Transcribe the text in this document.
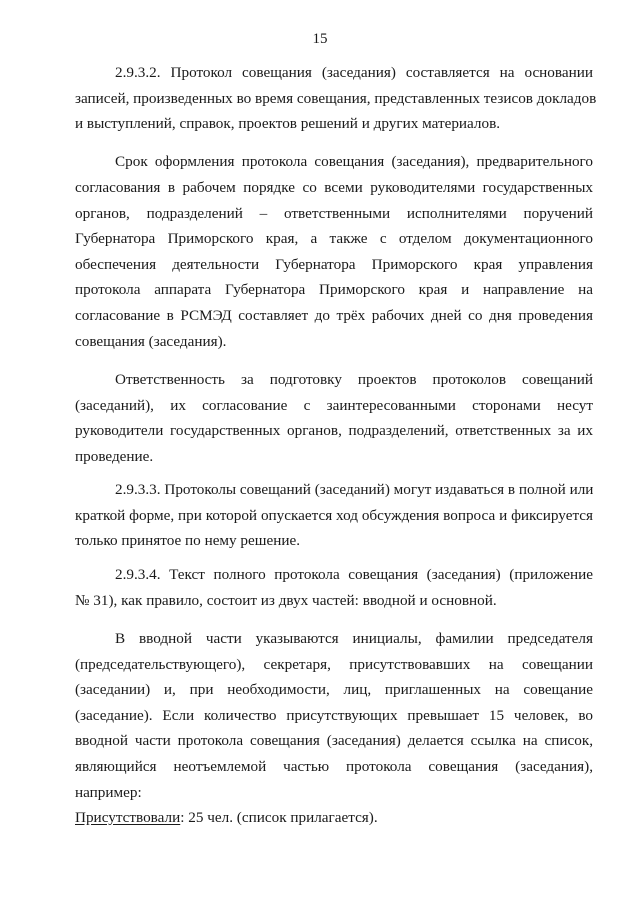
15
2.9.3.2. Протокол совещания (заседания) составляется на основании
записей, произведенных во время совещания, представленных тезисов докладов
и выступлений, справок, проектов решений и других материалов.
Срок оформления протокола совещания (заседания), предварительного
согласования в рабочем порядке со всеми руководителями государственных
органов, подразделений – ответственными исполнителями поручений
Губернатора Приморского края, а также с отделом документационного
обеспечения деятельности Губернатора Приморского края управления
протокола аппарата Губернатора Приморского края и направление на
согласование в РСМЭД составляет до трёх рабочих дней со дня проведения
совещания (заседания).
Ответственность за подготовку проектов протоколов совещаний
(заседаний), их согласование с заинтересованными сторонами несут
руководители государственных органов, подразделений, ответственных за их
проведение.
2.9.3.3. Протоколы совещаний (заседаний) могут издаваться в полной или
краткой форме, при которой опускается ход обсуждения вопроса и фиксируется
только принятое по нему решение.
2.9.3.4. Текст полного протокола совещания (заседания) (приложение
№ 31), как правило, состоит из двух частей: вводной и основной.
В вводной части указываются инициалы, фамилии председателя
(председательствующего), секретаря, присутствовавших на совещании
(заседании) и, при необходимости, лиц, приглашенных на совещание
(заседание). Если количество присутствующих превышает 15 человек, во
вводной части протокола совещания (заседания) делается ссылка на список,
являющийся неотъемлемой частью протокола совещания (заседания),
например:
Присутствовали: 25 чел. (список прилагается).
